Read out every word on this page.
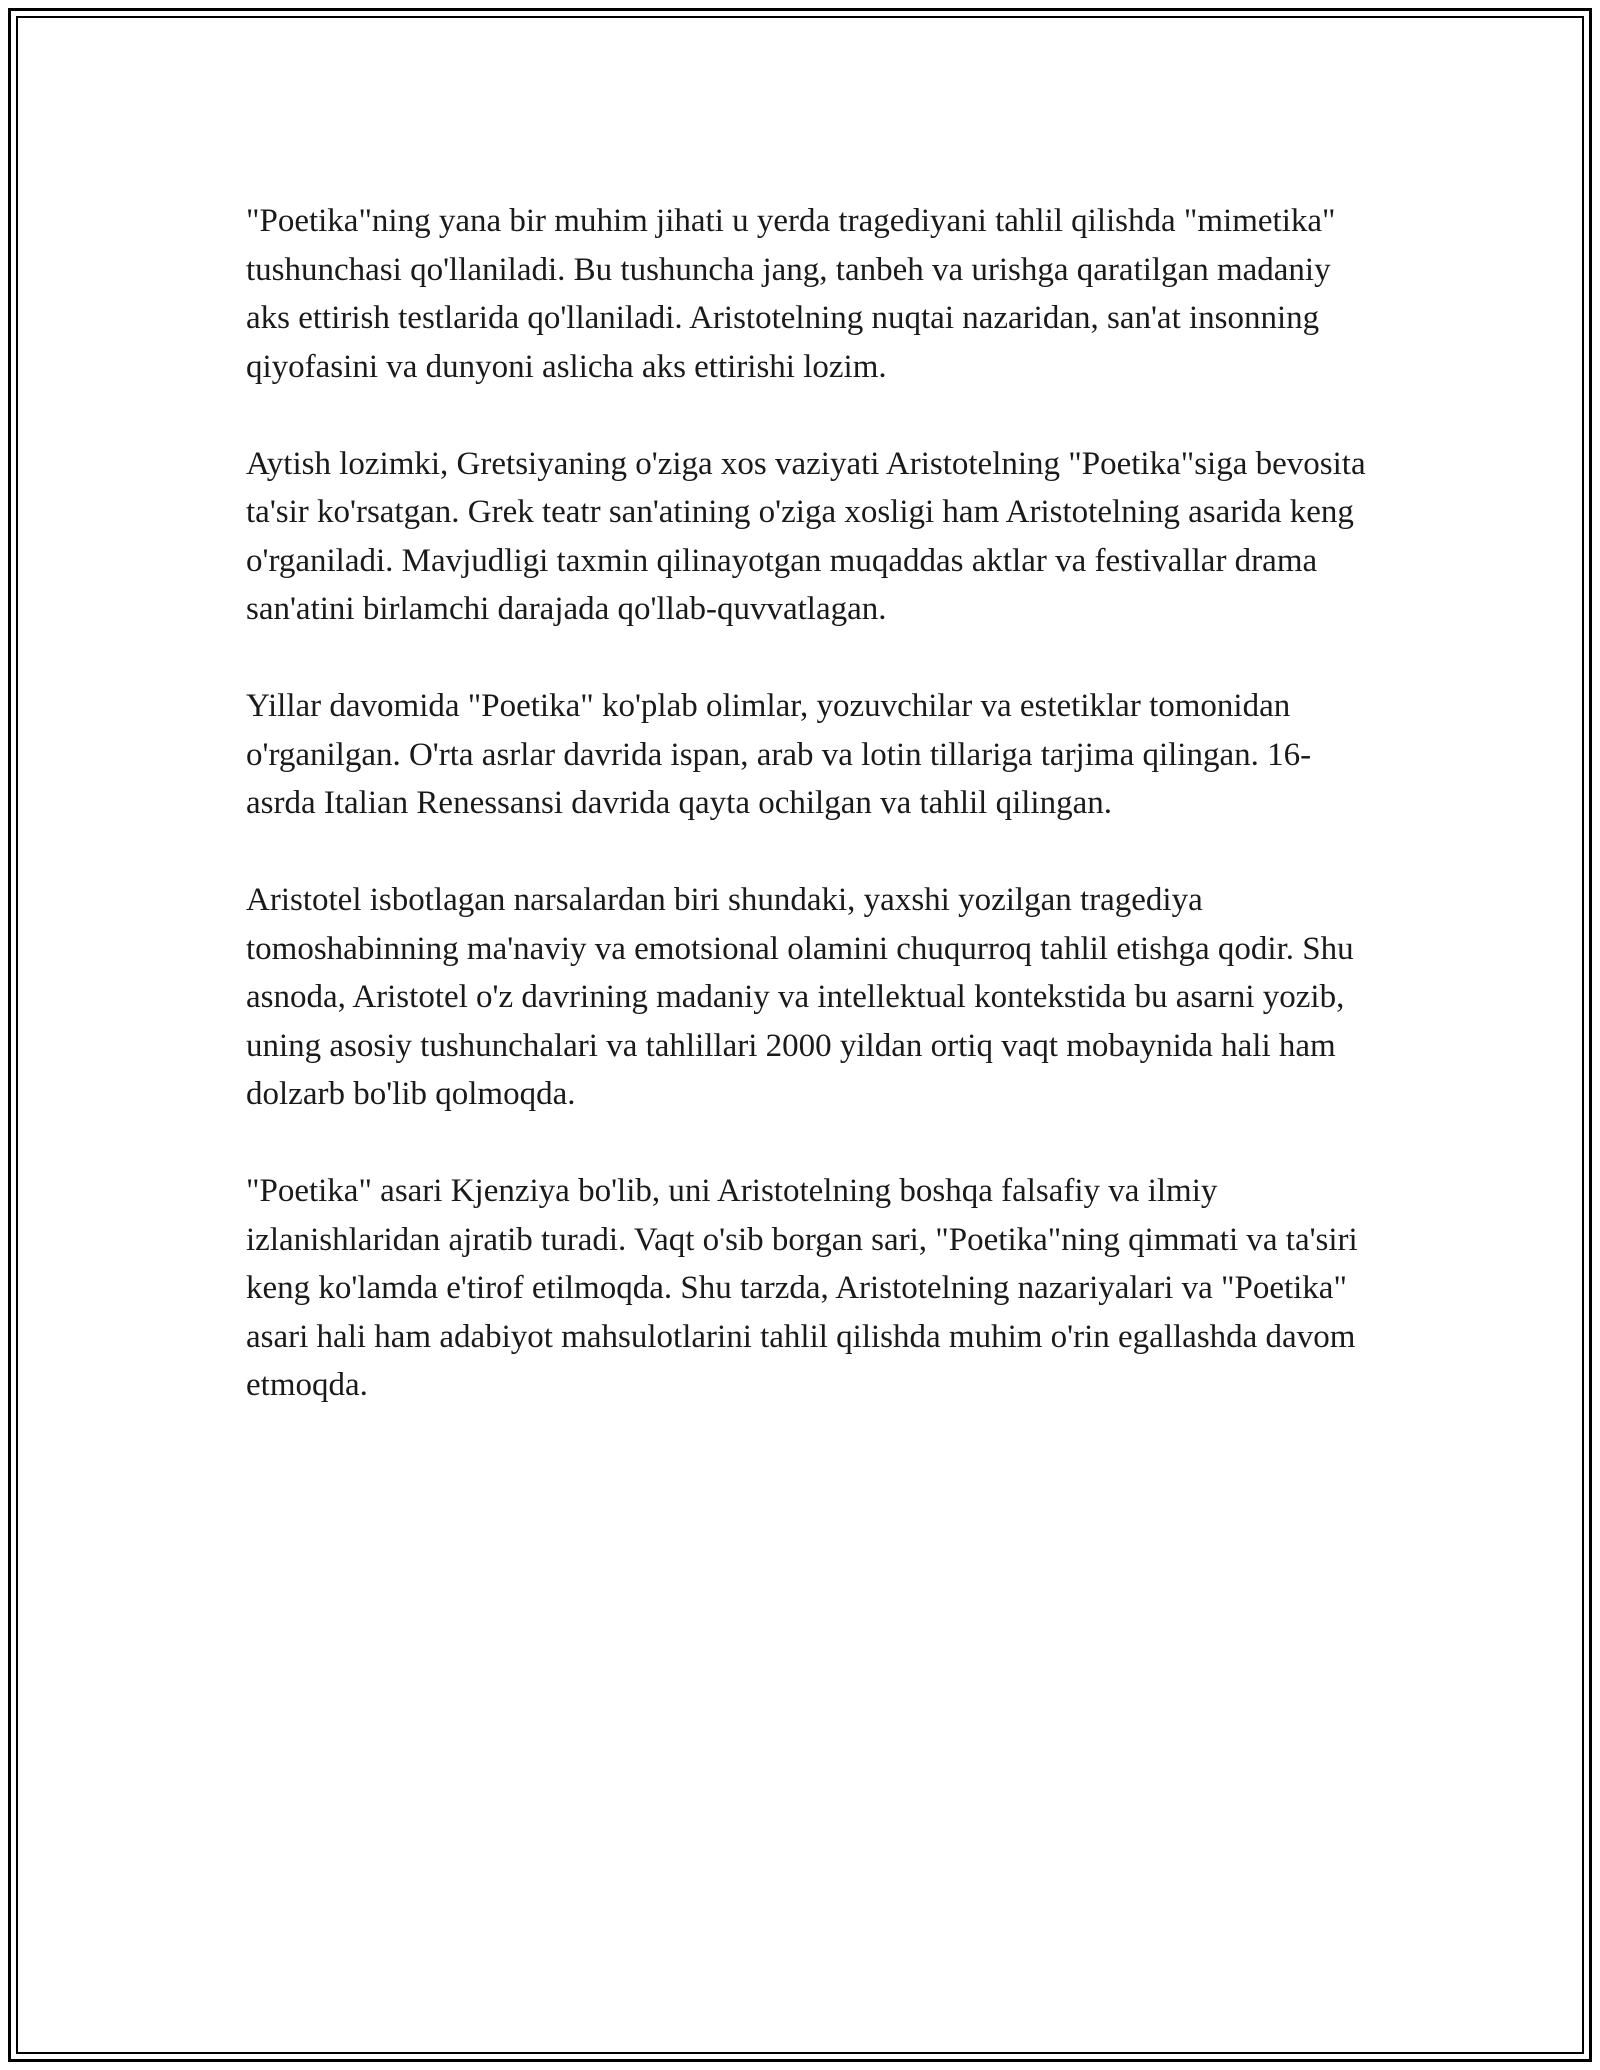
"Poetika"ning yana bir muhim jihati u yerda tragediyani tahlil qilishda "mimetika" tushunchasi qo'llaniladi. Bu tushuncha jang, tanbeh va urishga qaratilgan madaniy aks ettirish testlarida qo'llaniladi. Aristotelning nuqtai nazaridan, san'at insonning qiyofasini va dunyoni aslicha aks ettirishi lozim.

Aytish lozimki, Gretsiyaning o'ziga xos vaziyati Aristotelning "Poetika"siga bevosita ta'sir ko'rsatgan. Grek teatr san'atining o'ziga xosligi ham Aristotelning asarida keng o'rganiladi. Mavjudligi taxmin qilinayotgan muqaddas aktlar va festivallar drama san'atini birlamchi darajada qo'llab-quvvatlagan.

Yillar davomida "Poetika" ko'plab olimlar, yozuvchilar va estetiklar tomonidan o'rganilgan. O'rta asrlar davrida ispan, arab va lotin tillariga tarjima qilingan. 16-asrda Italian Renessansi davrida qayta ochilgan va tahlil qilingan.

Aristotel isbotlagan narsalardan biri shundaki, yaxshi yozilgan tragediya tomoshabinning ma'naviy va emotsional olamini chuqurroq tahlil etishga qodir. Shu asnoda, Aristotel o'z davrining madaniy va intellektual kontekstida bu asarni yozib, uning asosiy tushunchalari va tahlillari 2000 yildan ortiq vaqt mobaynida hali ham dolzarb bo'lib qolmoqda.

"Poetika" asari Kjenziya bo'lib, uni Aristotelning boshqa falsafiy va ilmiy izlanishlaridan ajratib turadi. Vaqt o'sib borgan sari, "Poetika"ning qimmati va ta'siri keng ko'lamda e'tirof etilmoqda. Shu tarzda, Aristotelning nazariyalari va "Poetika" asari hali ham adabiyot mahsulotlarini tahlil qilishda muhim o'rin egallashda davom etmoqda.
